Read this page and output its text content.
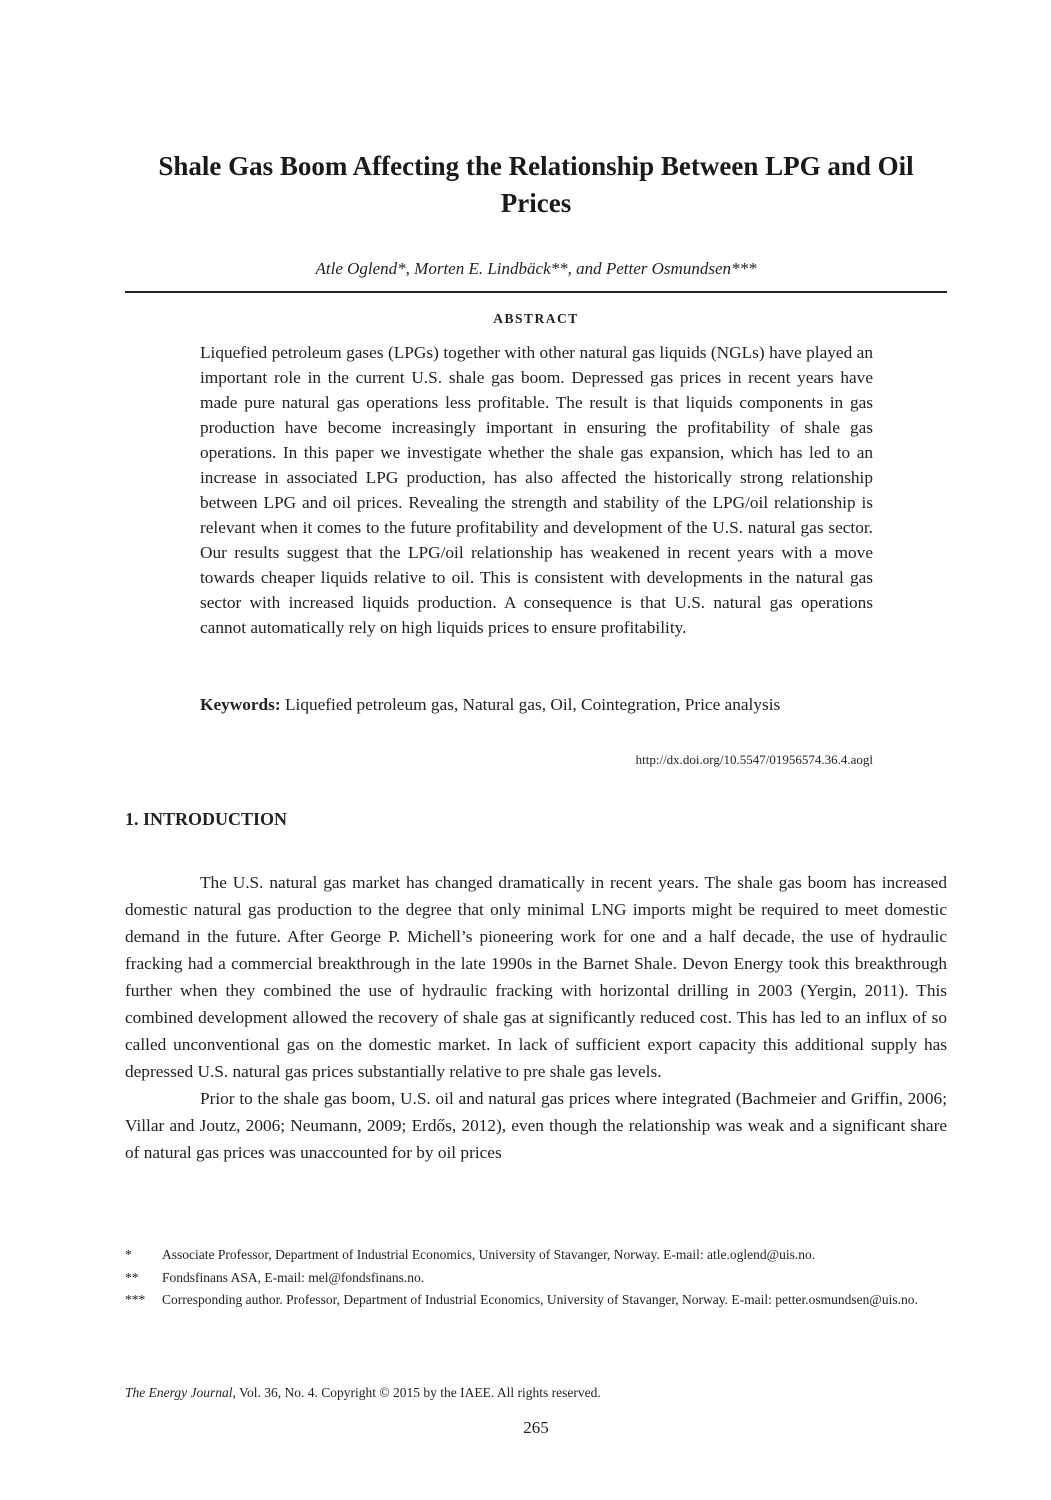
Shale Gas Boom Affecting the Relationship Between LPG and Oil Prices
Atle Oglend*, Morten E. Lindbäck**, and Petter Osmundsen***
ABSTRACT

Liquefied petroleum gases (LPGs) together with other natural gas liquids (NGLs) have played an important role in the current U.S. shale gas boom. Depressed gas prices in recent years have made pure natural gas operations less profitable. The result is that liquids components in gas production have become increasingly important in ensuring the profitability of shale gas operations. In this paper we investigate whether the shale gas expansion, which has led to an increase in associated LPG production, has also affected the historically strong relationship between LPG and oil prices. Revealing the strength and stability of the LPG/oil relationship is relevant when it comes to the future profitability and development of the U.S. natural gas sector. Our results suggest that the LPG/oil relationship has weakened in recent years with a move towards cheaper liquids relative to oil. This is consistent with developments in the natural gas sector with increased liquids production. A consequence is that U.S. natural gas operations cannot automatically rely on high liquids prices to ensure profitability.

Keywords: Liquefied petroleum gas, Natural gas, Oil, Cointegration, Price analysis

http://dx.doi.org/10.5547/01956574.36.4.aogl
1. INTRODUCTION

The U.S. natural gas market has changed dramatically in recent years. The shale gas boom has increased domestic natural gas production to the degree that only minimal LNG imports might be required to meet domestic demand in the future. After George P. Michell’s pioneering work for one and a half decade, the use of hydraulic fracking had a commercial breakthrough in the late 1990s in the Barnet Shale. Devon Energy took this breakthrough further when they combined the use of hydraulic fracking with horizontal drilling in 2003 (Yergin, 2011). This combined development allowed the recovery of shale gas at significantly reduced cost. This has led to an influx of so called unconventional gas on the domestic market. In lack of sufficient export capacity this additional supply has depressed U.S. natural gas prices substantially relative to pre shale gas levels.

Prior to the shale gas boom, U.S. oil and natural gas prices where integrated (Bachmeier and Griffin, 2006; Villar and Joutz, 2006; Neumann, 2009; Erdős, 2012), even though the relationship was weak and a significant share of natural gas prices was unaccounted for by oil prices

*	Associate Professor, Department of Industrial Economics, University of Stavanger, Norway. E-mail: atle.oglend@uis.no.
**	Fondsfinans ASA, E-mail: mel@fondsfinans.no.
***	Corresponding author. Professor, Department of Industrial Economics, University of Stavanger, Norway. E-mail: petter.osmundsen@uis.no.
The Energy Journal, Vol. 36, No. 4. Copyright © 2015 by the IAEE. All rights reserved.
265
